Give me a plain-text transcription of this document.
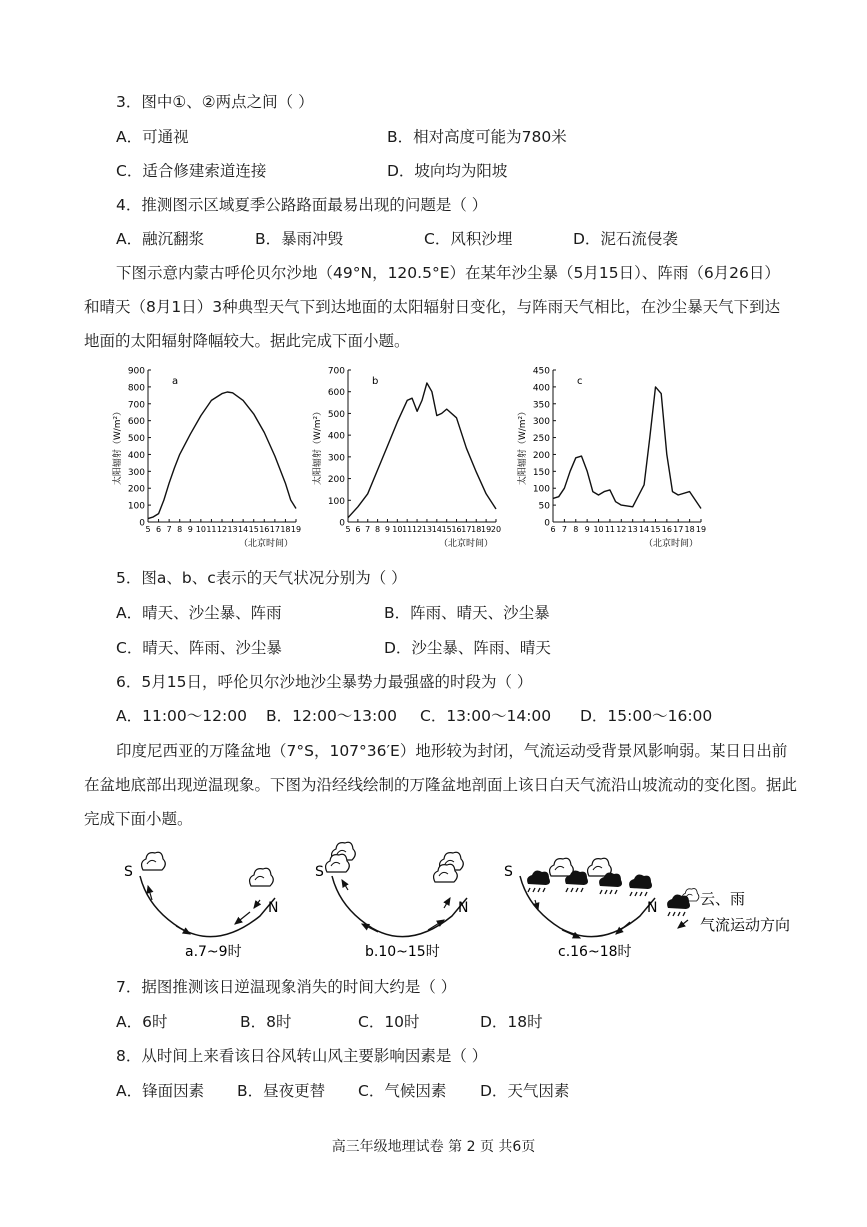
3．图中①、②两点之间（ ）
A．可通视	B．相对高度可能为780米
C．适合修建索道连接	D．坡向均为阳坡
4．推测图示区域夏季公路路面最易出现的问题是（ ）
A．融沉翻浆	B．暴雨冲毁	C．风积沙埋	D．泥石流侵袭
下图示意内蒙古呼伦贝尔沙地（49°N，120.5°E）在某年沙尘暴（5月15日）、阵雨（6月26日）
和晴天（8月1日）3种典型天气下到达地面的太阳辐射日变化，与阵雨天气相比，在沙尘暴天气下到达
地面的太阳辐射降幅较大。据此完成下面小题。
0
100
200
300
400
500
600
700
800
900
5 6 7 8 9 10 11 12 13 14 15 16 17 18 19
a
太阳辐射（W/m²）
（北京时间）
0
100
200
300
400
500
600
700
5 6 7 8 9 10 11 12 13 14 15 16 17 18 19 20
b
太阳辐射（W/m²）
（北京时间）
0
50
100
150
200
250
300
350
400
450
6 7 8 9 10 11 12 13 14 15 16 17 18 19
c
太阳辐射（W/m²）
（北京时间）
5．图a、b、c表示的天气状况分别为（ ）
A．晴天、沙尘暴、阵雨	B．阵雨、晴天、沙尘暴
C．晴天、阵雨、沙尘暴	D．沙尘暴、阵雨、晴天
6．5月15日，呼伦贝尔沙地沙尘暴势力最强盛的时段为（ ）
A．11:00～12:00 B．12:00～13:00 C．13:00～14:00 D．15:00～16:00
印度尼西亚的万隆盆地（7°S，107°36′E）地形较为封闭，气流运动受背景风影响弱。某日日出前
在盆地底部出现逆温现象。下图为沿经线绘制的万隆盆地剖面上该日白天气流沿山坡流动的变化图。据此
完成下面小题。
S
N
a.7~9时
S
N
b.10~15时
S
N
c.16~18时
云、雨
气流运动方向
7．据图推测该日逆温现象消失的时间大约是（ ）
A．6时	B．8时	C．10时	D．18时
8．从时间上来看该日谷风转山风主要影响因素是（ ）
A．锋面因素 B．昼夜更替 C．气候因素 D．天气因素
高三年级地理试卷 第 2 页 共6页
